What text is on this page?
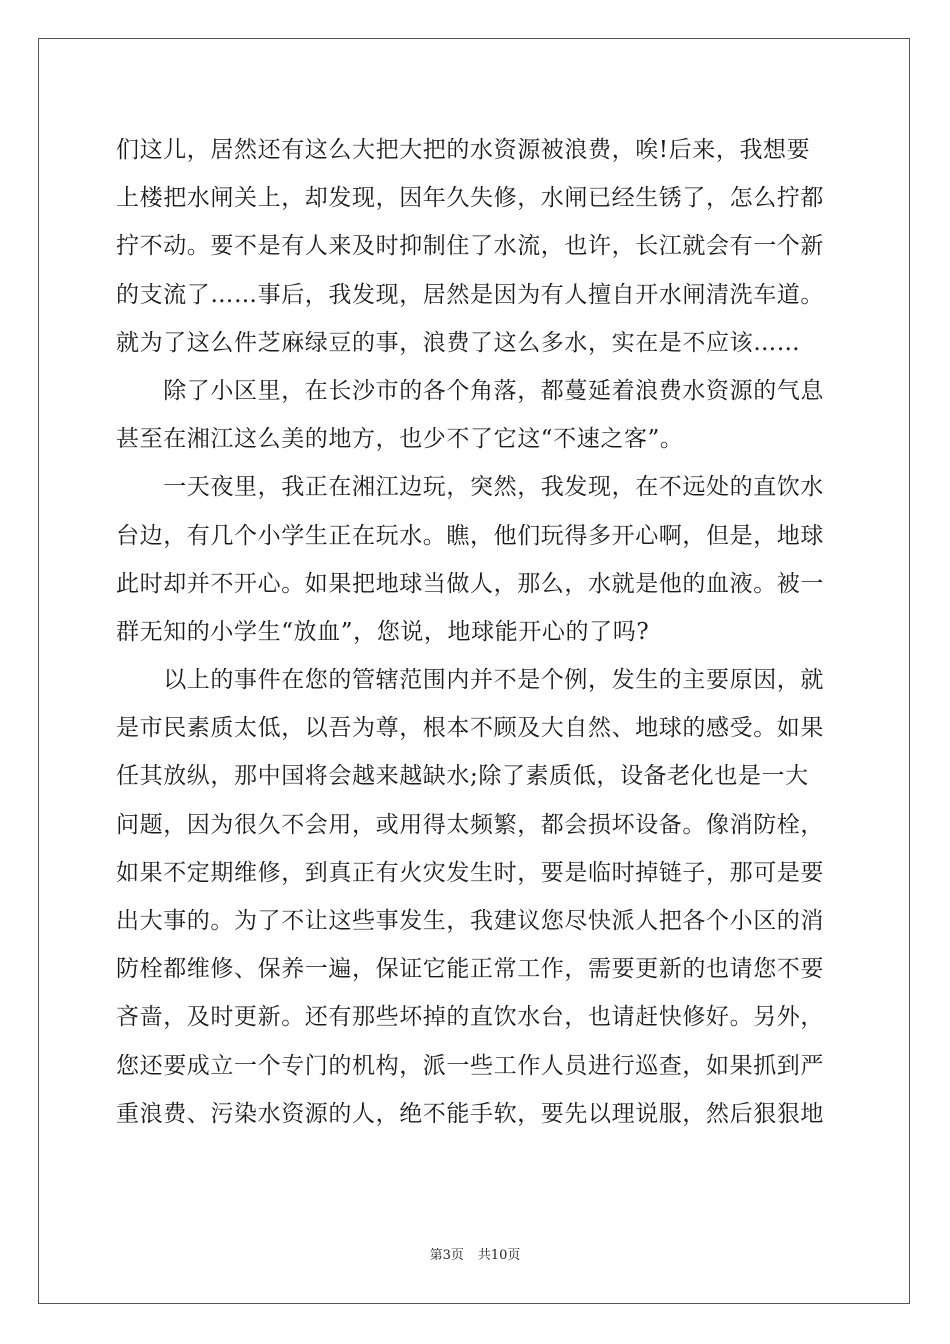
们这儿，居然还有这么大把大把的水资源被浪费，唉!后来，我想要
上楼把水闸关上，却发现，因年久失修，水闸已经生锈了，怎么拧都
拧不动。要不是有人来及时抑制住了水流，也许，长江就会有一个新
的支流了……事后，我发现，居然是因为有人擅自开水闸清洗车道。
就为了这么件芝麻绿豆的事，浪费了这么多水，实在是不应该……
　　除了小区里，在长沙市的各个角落，都蔓延着浪费水资源的气息
甚至在湘江这么美的地方，也少不了它这“不速之客”。
　　一天夜里，我正在湘江边玩，突然，我发现，在不远处的直饮水
台边，有几个小学生正在玩水。瞧，他们玩得多开心啊，但是，地球
此时却并不开心。如果把地球当做人，那么，水就是他的血液。被一
群无知的小学生“放血”，您说，地球能开心的了吗?
　　以上的事件在您的管辖范围内并不是个例，发生的主要原因，就
是市民素质太低，以吾为尊，根本不顾及大自然、地球的感受。如果
任其放纵，那中国将会越来越缺水;除了素质低，设备老化也是一大
问题，因为很久不会用，或用得太频繁，都会损坏设备。像消防栓，
如果不定期维修，到真正有火灾发生时，要是临时掉链子，那可是要
出大事的。为了不让这些事发生，我建议您尽快派人把各个小区的消
防栓都维修、保养一遍，保证它能正常工作，需要更新的也请您不要
吝啬，及时更新。还有那些坏掉的直饮水台，也请赶快修好。另外，
您还要成立一个专门的机构，派一些工作人员进行巡查，如果抓到严
重浪费、污染水资源的人，绝不能手软，要先以理说服，然后狠狠地
第3页 共10页
